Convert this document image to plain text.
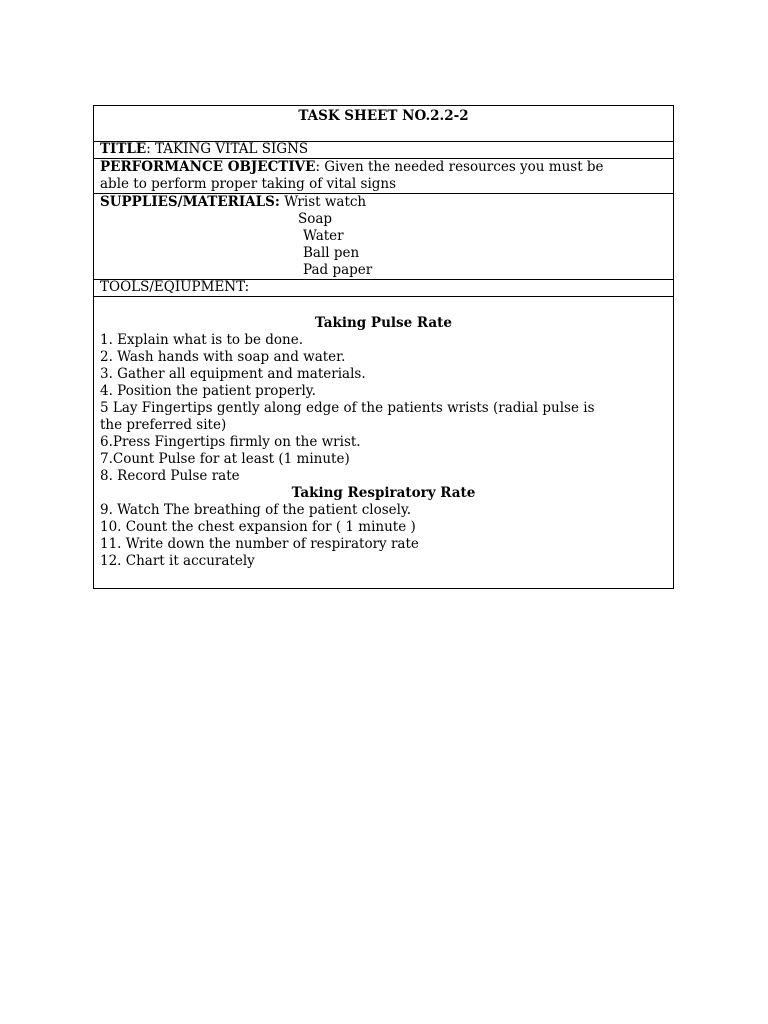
TASK SHEET NO.2.2-2
TITLE: TAKING VITAL SIGNS
PERFORMANCE OBJECTIVE: Given the needed resources you must be
able to perform proper taking of vital signs
SUPPLIES/MATERIALS: Wrist watch
Soap
Water
Ball pen
Pad paper
TOOLS/EQIUPMENT:
Taking Pulse Rate
1. Explain what is to be done.
2. Wash hands with soap and water.
3. Gather all equipment and materials.
4. Position the patient properly.
5 Lay Fingertips gently along edge of the patients wrists (radial pulse is
the preferred site)
6.Press Fingertips firmly on the wrist.
7.Count Pulse for at least (1 minute)
8. Record Pulse rate
Taking Respiratory Rate
9. Watch The breathing of the patient closely.
10. Count the chest expansion for ( 1 minute )
11. Write down the number of respiratory rate
12. Chart it accurately
